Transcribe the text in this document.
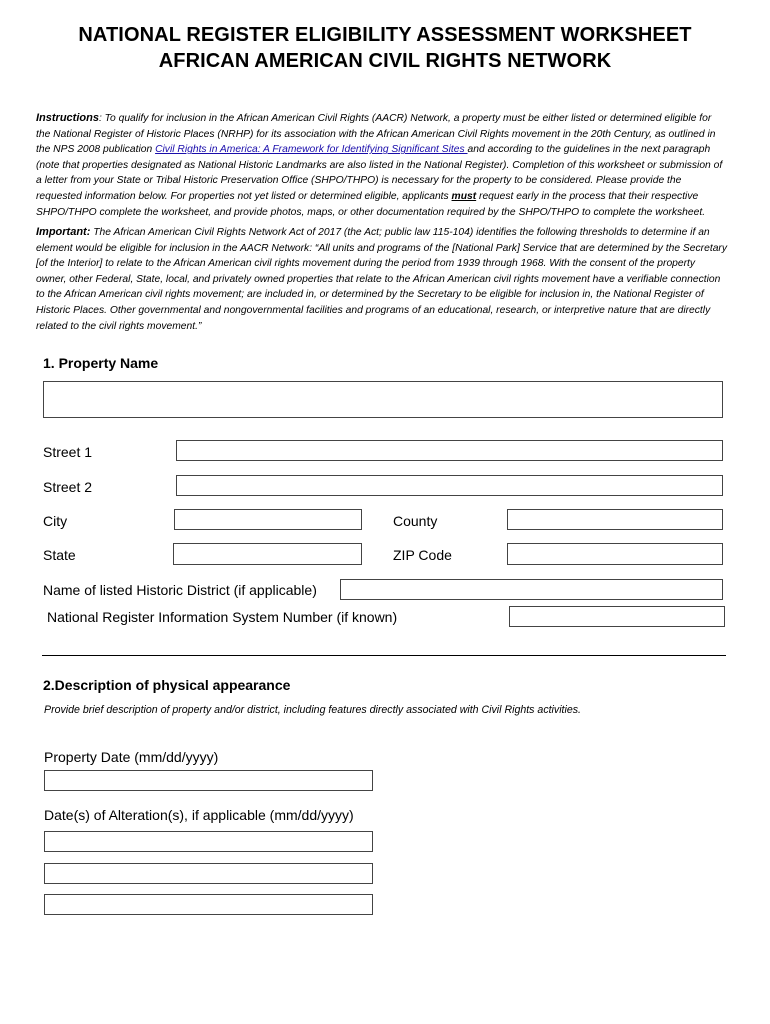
NATIONAL REGISTER ELIGIBILITY ASSESSMENT WORKSHEET
AFRICAN AMERICAN CIVIL RIGHTS NETWORK
Instructions: To qualify for inclusion in the African American Civil Rights (AACR) Network, a property must be either listed or determined eligible for the National Register of Historic Places (NRHP) for its association with the African American Civil Rights movement in the 20th Century, as outlined in the NPS 2008 publication Civil Rights in America: A Framework for Identifying Significant Sites and according to the guidelines in the next paragraph (note that properties designated as National Historic Landmarks are also listed in the National Register). Completion of this worksheet or submission of a letter from your State or Tribal Historic Preservation Office (SHPO/THPO) is necessary for the property to be considered. Please provide the requested information below. For properties not yet listed or determined eligible, applicants must request early in the process that their respective SHPO/THPO complete the worksheet, and provide photos, maps, or other documentation required by the SHPO/THPO to complete the worksheet.
Important: The African American Civil Rights Network Act of 2017 (the Act; public law 115-104) identifies the following thresholds to determine if an element would be eligible for inclusion in the AACR Network: “All units and programs of the [National Park] Service that are determined by the Secretary [of the Interior] to relate to the African American civil rights movement during the period from 1939 through 1968. With the consent of the property owner, other Federal, State, local, and privately owned properties that relate to the African American civil rights movement have a verifiable connection to the African American civil rights movement; are included in, or determined by the Secretary to be eligible for inclusion in, the National Register of Historic Places. Other governmental and nongovernmental facilities and programs of an educational, research, or interpretive nature that are directly related to the civil rights movement.”
1. Property Name
Street 1
Street 2
City	County
State	ZIP Code
Name of listed Historic District (if applicable)
National Register Information System Number (if known)
2.Description of physical appearance
Provide brief description of property and/or district, including features directly associated with Civil Rights activities.
Property Date (mm/dd/yyyy)
Date(s) of Alteration(s), if applicable (mm/dd/yyyy)
